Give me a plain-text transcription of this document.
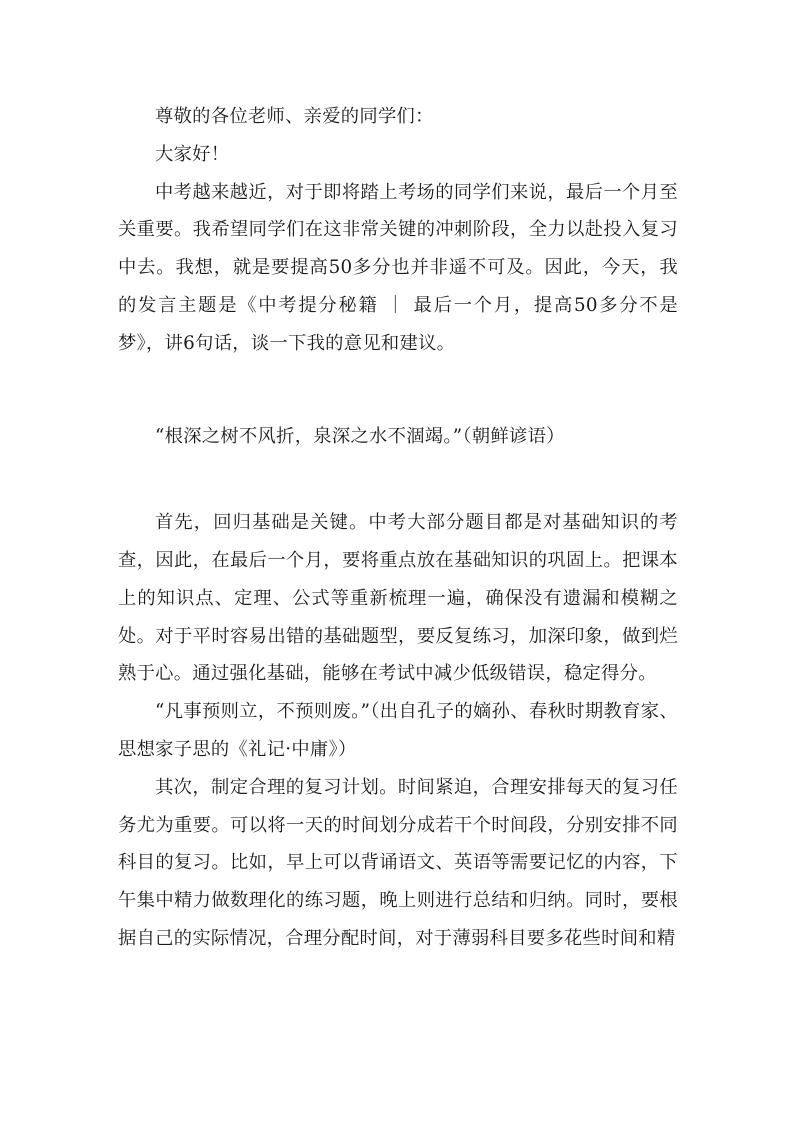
尊敬的各位老师、亲爱的同学们：

大家好！

中考越来越近，对于即将踏上考场的同学们来说，最后一个月至关重要。我希望同学们在这非常关键的冲刺阶段，全力以赴投入复习中去。我想，就是要提高50多分也并非遥不可及。因此，今天，我的发言主题是《中考提分秘籍 ｜ 最后一个月，提高50多分不是梦》，讲6句话，谈一下我的意见和建议。

“根深之树不风折，泉深之水不涸竭。”（朝鲜谚语）

首先，回归基础是关键。中考大部分题目都是对基础知识的考查，因此，在最后一个月，要将重点放在基础知识的巩固上。把课本上的知识点、定理、公式等重新梳理一遍，确保没有遗漏和模糊之处。对于平时容易出错的基础题型，要反复练习，加深印象，做到烂熟于心。通过强化基础，能够在考试中减少低级错误，稳定得分。

“凡事预则立，不预则废。”（出自孔子的嫡孙、春秋时期教育家、思想家子思的《礼记·中庸》）

其次，制定合理的复习计划。时间紧迫，合理安排每天的复习任务尤为重要。可以将一天的时间划分成若干个时间段，分别安排不同科目的复习。比如，早上可以背诵语文、英语等需要记忆的内容，下午集中精力做数理化的练习题，晚上则进行总结和归纳。同时，要根据自己的实际情况，合理分配时间，对于薄弱科目要多花些时间和精
